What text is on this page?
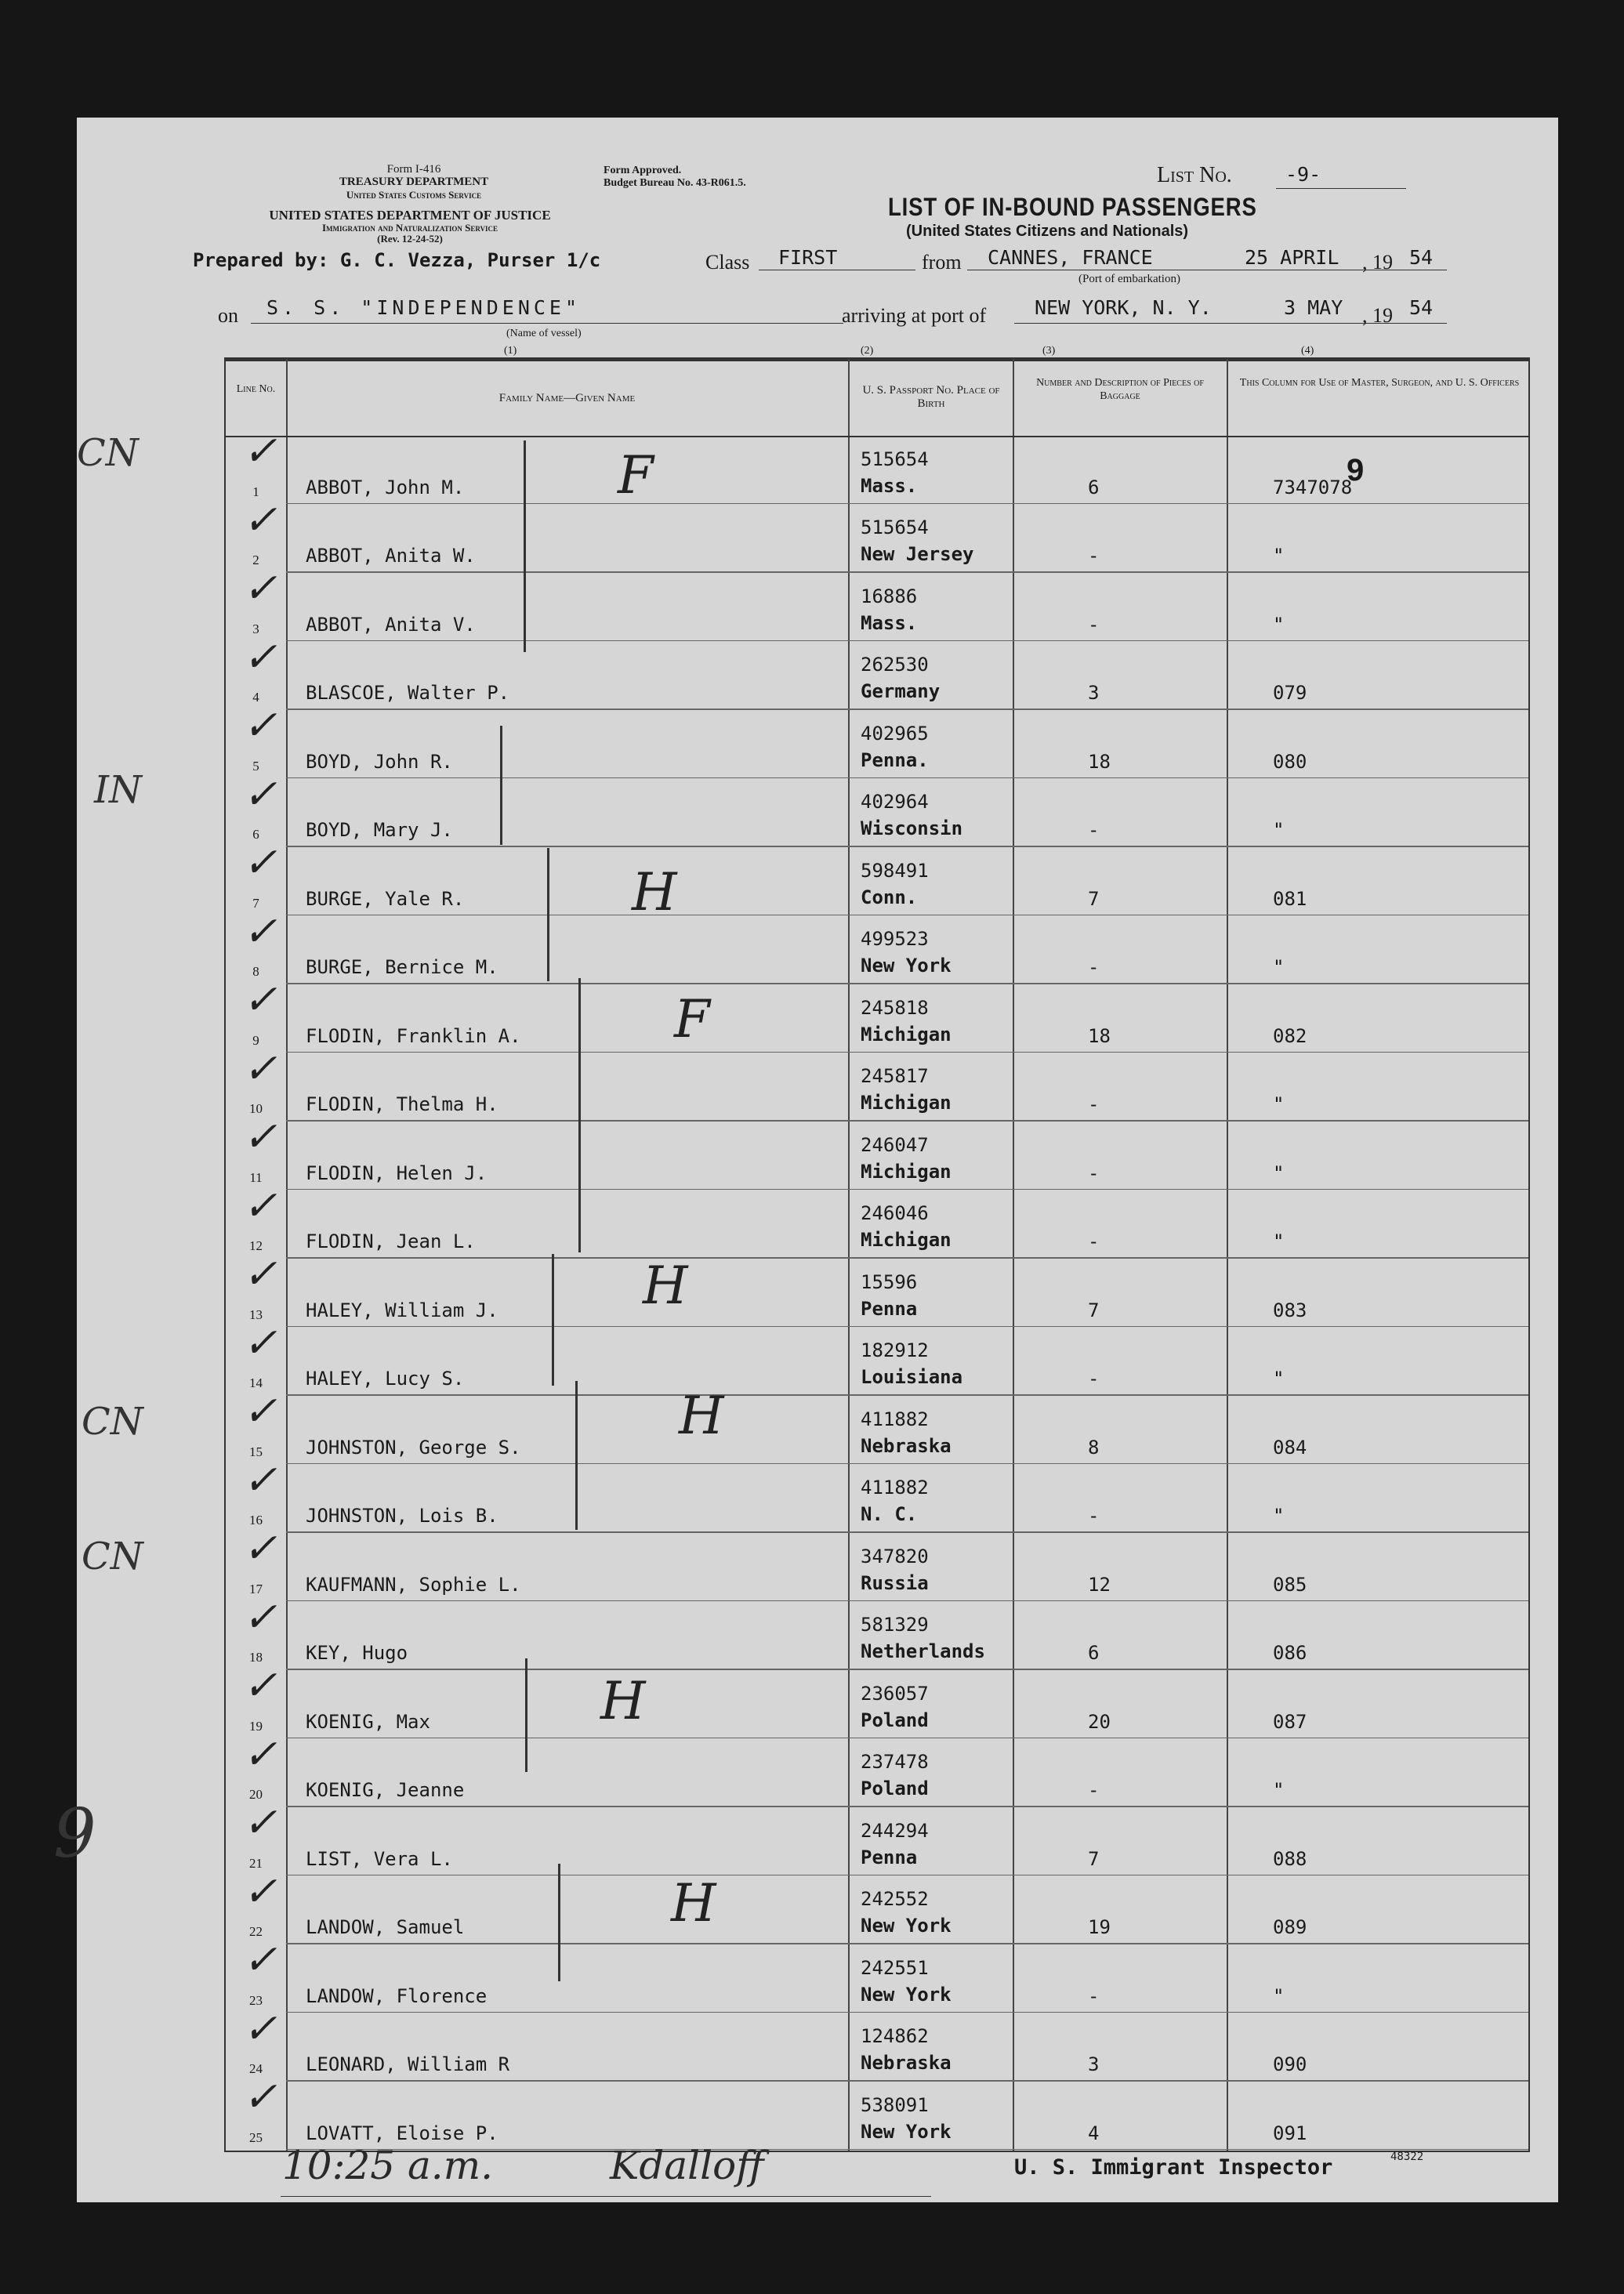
Form I-416
TREASURY DEPARTMENT
United States Customs Service
UNITED STATES DEPARTMENT OF JUSTICE
Immigration and Naturalization Service
(Rev. 12-24-52)
Form Approved.
Budget Bureau No. 43-R061.5.	List No.	-9-
LIST OF IN-BOUND PASSENGERS
(United States Citizens and Nationals)
Prepared by: G. C. Vezza, Purser 1/c	Class FIRST	from CANNES, FRANCE	25 APRIL , 19 54
(Port of embarkation)
on S. S. "INDEPENDENCE"	arriving at port of NEW YORK, N. Y.	3 MAY , 19 54
(Name of vessel)
(1)	(2)	(3)	(4)
Line No.
Family Name—Given Name
U. S. Passport No. Place of Birth
Number and Description of Pieces of Baggage
This Column for Use of Master, Surgeon, and U. S. Officers
1	ABBOT, John M.
515654
Mass.	6	7347078
✓
2	ABBOT, Anita W.
515654
New Jersey	-	"
✓
3	ABBOT, Anita V.
16886
Mass.	-	"
✓
4	BLASCOE, Walter P.
262530
Germany	3	079
✓
5	BOYD, John R.
402965
Penna.	18	080
✓
6	BOYD, Mary J.
402964
Wisconsin	-	"
✓
7	BURGE, Yale R.
598491
Conn.	7	081
✓
8	BURGE, Bernice M.
499523
New York	-	"
✓
9	FLODIN, Franklin A.
245818
Michigan	18	082
✓
10	FLODIN, Thelma H.
245817
Michigan	-	"
✓
11	FLODIN, Helen J.
246047
Michigan	-	"
✓
12	FLODIN, Jean L.
246046
Michigan	-	"
✓
13	HALEY, William J.
15596
Penna	7	083
✓
14	HALEY, Lucy S.
182912
Louisiana	-	"
✓
15	JOHNSTON, George S.
411882
Nebraska	8	084
✓
16	JOHNSTON, Lois B.
411882
N. C.	-	"
✓
17	KAUFMANN, Sophie L.
347820
Russia	12	085
✓
18	KEY, Hugo
581329
Netherlands	6	086
✓
19	KOENIG, Max
236057
Poland	20	087
✓
20	KOENIG, Jeanne
237478
Poland	-	"
✓
21	LIST, Vera L.
244294
Penna	7	088
✓
22	LANDOW, Samuel
242552
New York	19	089
✓
23	LANDOW, Florence
242551
New York	-	"
✓
24	LEONARD, William R
124862
Nebraska	3	090
✓
25	LOVATT, Eloise P.
538091
New York	4	091
✓
9
F
H
F
H
H
H
H
CN
IN
CN
CN
9
10:25 a.m.	Kdalloff	U. S. Immigrant Inspector	48322
